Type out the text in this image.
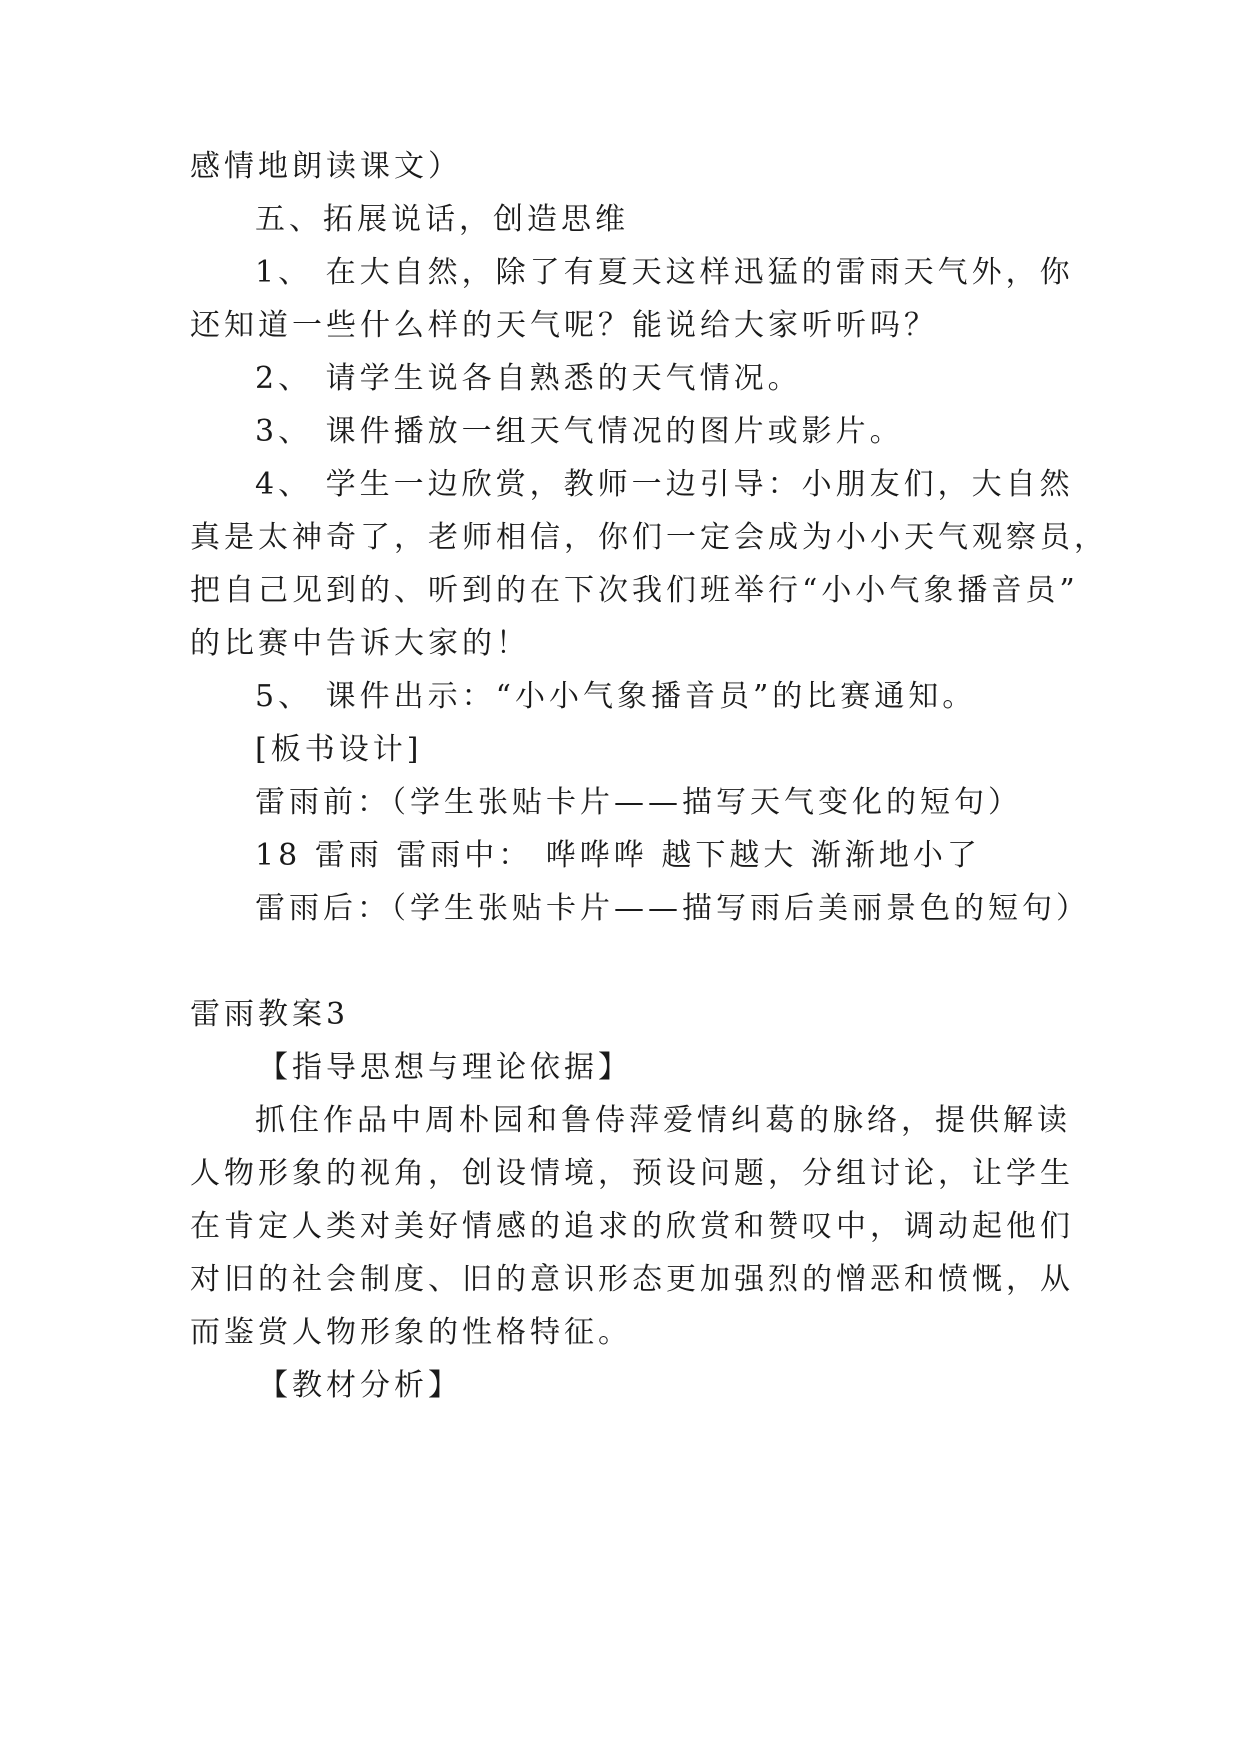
感情地朗读课文）
五、拓展说话，创造思维
1、 在大自然，除了有夏天这样迅猛的雷雨天气外，你
还知道一些什么样的天气呢？能说给大家听听吗？
2、 请学生说各自熟悉的天气情况。
3、 课件播放一组天气情况的图片或影片。
4、 学生一边欣赏，教师一边引导：小朋友们，大自然
真是太神奇了，老师相信，你们一定会成为小小天气观察员，
把自己见到的、听到的在下次我们班举行“小小气象播音员”
的比赛中告诉大家的！
5、 课件出示：“小小气象播音员”的比赛通知。
[板书设计]
雷雨前：（学生张贴卡片——描写天气变化的短句）
18 雷雨 雷雨中： 哗哗哗 越下越大 渐渐地小了
雷雨后：（学生张贴卡片——描写雨后美丽景色的短句）
雷雨教案3
【指导思想与理论依据】
抓住作品中周朴园和鲁侍萍爱情纠葛的脉络，提供解读
人物形象的视角，创设情境，预设问题，分组讨论，让学生
在肯定人类对美好情感的追求的欣赏和赞叹中，调动起他们
对旧的社会制度、旧的意识形态更加强烈的憎恶和愤慨，从
而鉴赏人物形象的性格特征。
【教材分析】
